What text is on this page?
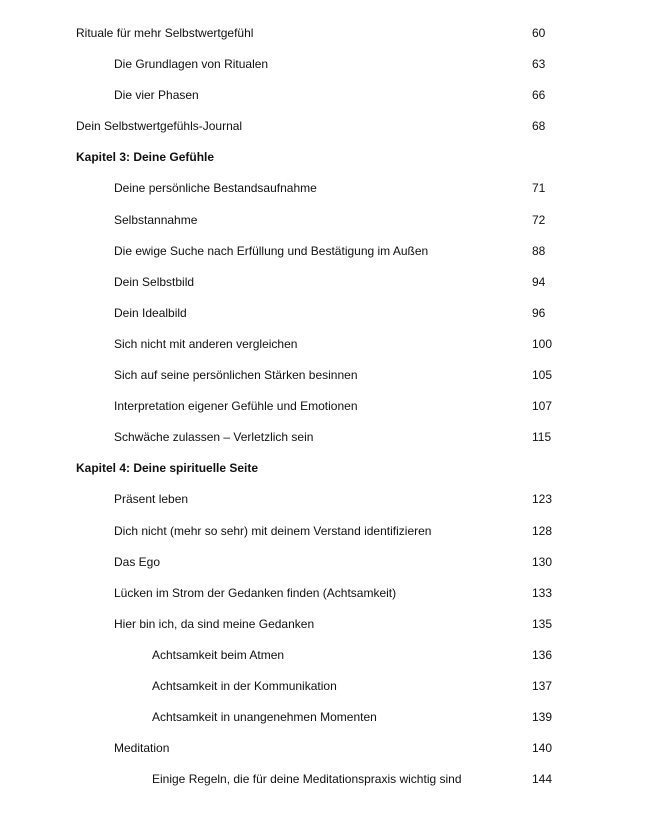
Rituale für mehr Selbstwertgefühl	60
Die Grundlagen von Ritualen	63
Die vier Phasen	66
Dein Selbstwertgefühls-Journal	68
Kapitel 3: Deine Gefühle
Deine persönliche Bestandsaufnahme	71
Selbstannahme	72
Die ewige Suche nach Erfüllung und Bestätigung im Außen	88
Dein Selbstbild	94
Dein Idealbild	96
Sich nicht mit anderen vergleichen	100
Sich auf seine persönlichen Stärken besinnen	105
Interpretation eigener Gefühle und Emotionen	107
Schwäche zulassen – Verletzlich sein	115
Kapitel 4: Deine spirituelle Seite
Präsent leben	123
Dich nicht (mehr so sehr) mit deinem Verstand identifizieren	128
Das Ego	130
Lücken im Strom der Gedanken finden (Achtsamkeit)	133
Hier bin ich, da sind meine Gedanken	135
Achtsamkeit beim Atmen	136
Achtsamkeit in der Kommunikation	137
Achtsamkeit in unangenehmen Momenten	139
Meditation	140
Einige Regeln, die für deine Meditationspraxis wichtig sind	144
